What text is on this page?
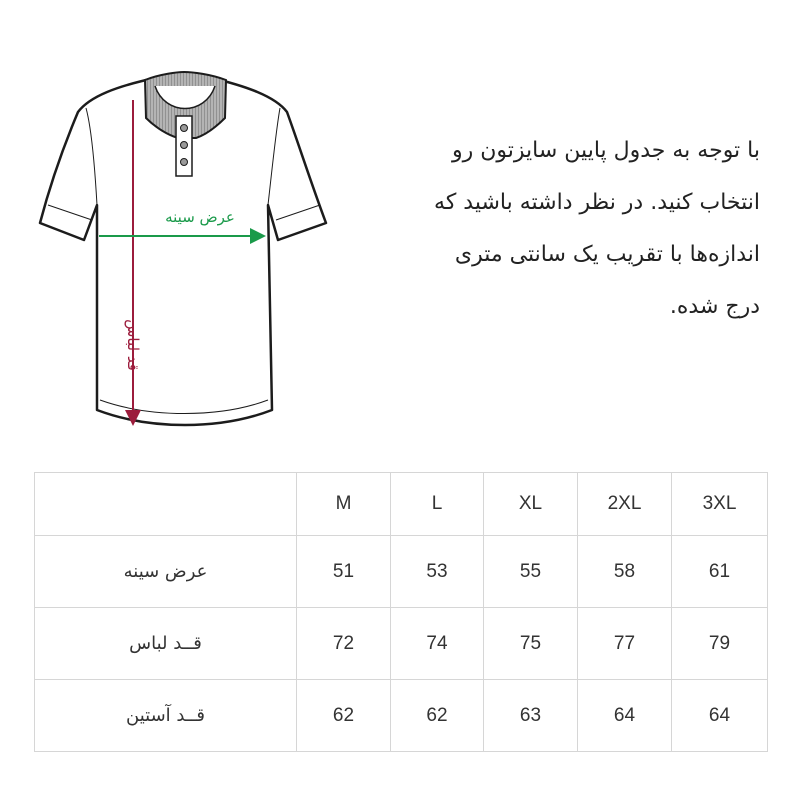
قد لباس
عرض سینه
با توجه به جدول پایین سایزتون رو
انتخاب کنید. در نظر داشته باشید که
اندازه‌ها با تقریب یک سانتی متری
درج شده.
	M	L	XL	2XL	3XL
عرض سینه	51	53	55	58	61
قــد لباس	72	74	75	77	79
قــد آستین	62	62	63	64	64
